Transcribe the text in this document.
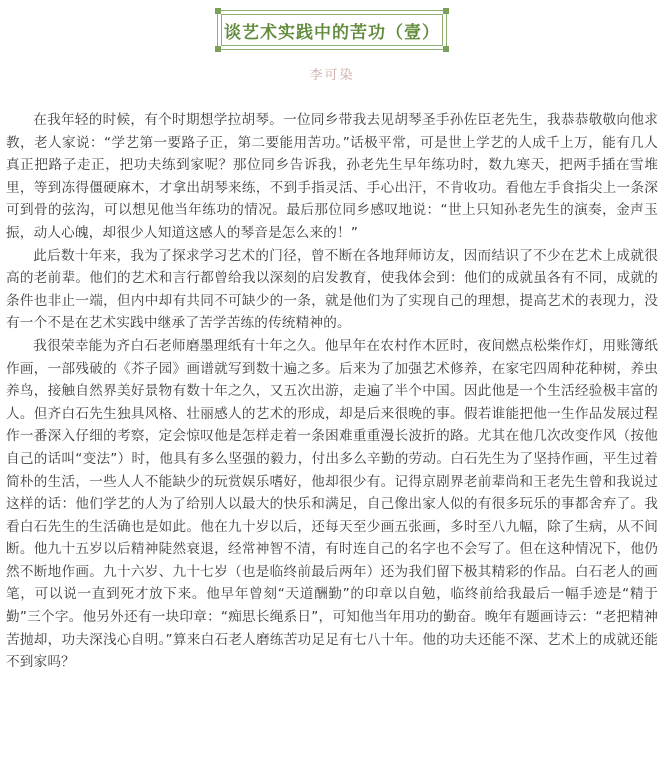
谈艺术实践中的苦功（壹）
李可染

在我年轻的时候，有个时期想学拉胡琴。一位同乡带我去见胡琴圣手孙佐臣老先生，我恭恭敬敬向他求教，老人家说：“学艺第一要路子正，第二要能用苦功。”话极平常，可是世上学艺的人成千上万，能有几人真正把路子走正，把功夫练到家呢？那位同乡告诉我，孙老先生早年练功时，数九寒天，把两手插在雪堆里，等到冻得僵硬麻木，才拿出胡琴来练，不到手指灵活、手心出汗，不肯收功。看他左手食指尖上一条深可到骨的弦沟，可以想见他当年练功的情况。最后那位同乡感叹地说：“世上只知孙老先生的演奏，金声玉振，动人心魄，却很少人知道这感人的琴音是怎么来的！”

此后数十年来，我为了探求学习艺术的门径，曾不断在各地拜师访友，因而结识了不少在艺术上成就很高的老前辈。他们的艺术和言行都曾给我以深刻的启发教育，使我体会到：他们的成就虽各有不同，成就的条件也非止一端，但内中却有共同不可缺少的一条，就是他们为了实现自己的理想，提高艺术的表现力，没有一个不是在艺术实践中继承了苦学苦练的传统精神的。

我很荣幸能为齐白石老师磨墨理纸有十年之久。他早年在农村作木匠时，夜间燃点松柴作灯，用账簿纸作画，一部残破的《芥子园》画谱就写到数十遍之多。后来为了加强艺术修养，在家宅四周种花种树，养虫养鸟，接触自然界美好景物有数十年之久，又五次出游，走遍了半个中国。因此他是一个生活经验极丰富的人。但齐白石先生独具风格、壮丽感人的艺术的形成，却是后来很晚的事。假若谁能把他一生作品发展过程作一番深入仔细的考察，定会惊叹他是怎样走着一条困难重重漫长波折的路。尤其在他几次改变作风（按他自己的话叫“变法”）时，他具有多么坚强的毅力，付出多么辛勤的劳动。白石先生为了坚持作画，平生过着简朴的生活，一些人人不能缺少的玩赏娱乐嗜好，他却很少有。记得京剧界老前辈尚和王老先生曾和我说过这样的话：他们学艺的人为了给别人以最大的快乐和满足，自己像出家人似的有很多玩乐的事都舍弃了。我看白石先生的生活确也是如此。他在九十岁以后，还每天至少画五张画，多时至八九幅，除了生病，从不间断。他九十五岁以后精神陡然衰退，经常神智不清，有时连自己的名字也不会写了。但在这种情况下，他仍然不断地作画。九十六岁、九十七岁（也是临终前最后两年）还为我们留下极其精彩的作品。白石老人的画笔，可以说一直到死才放下来。他早年曾刻“天道酬勤”的印章以自勉，临终前给我最后一幅手迹是“精于勤”三个字。他另外还有一块印章：“痴思长绳系日”，可知他当年用功的勤奋。晚年有题画诗云：“老把精神苦抛却，功夫深浅心自明。”算来白石老人磨练苦功足足有七八十年。他的功夫还能不深、艺术上的成就还能不到家吗？
